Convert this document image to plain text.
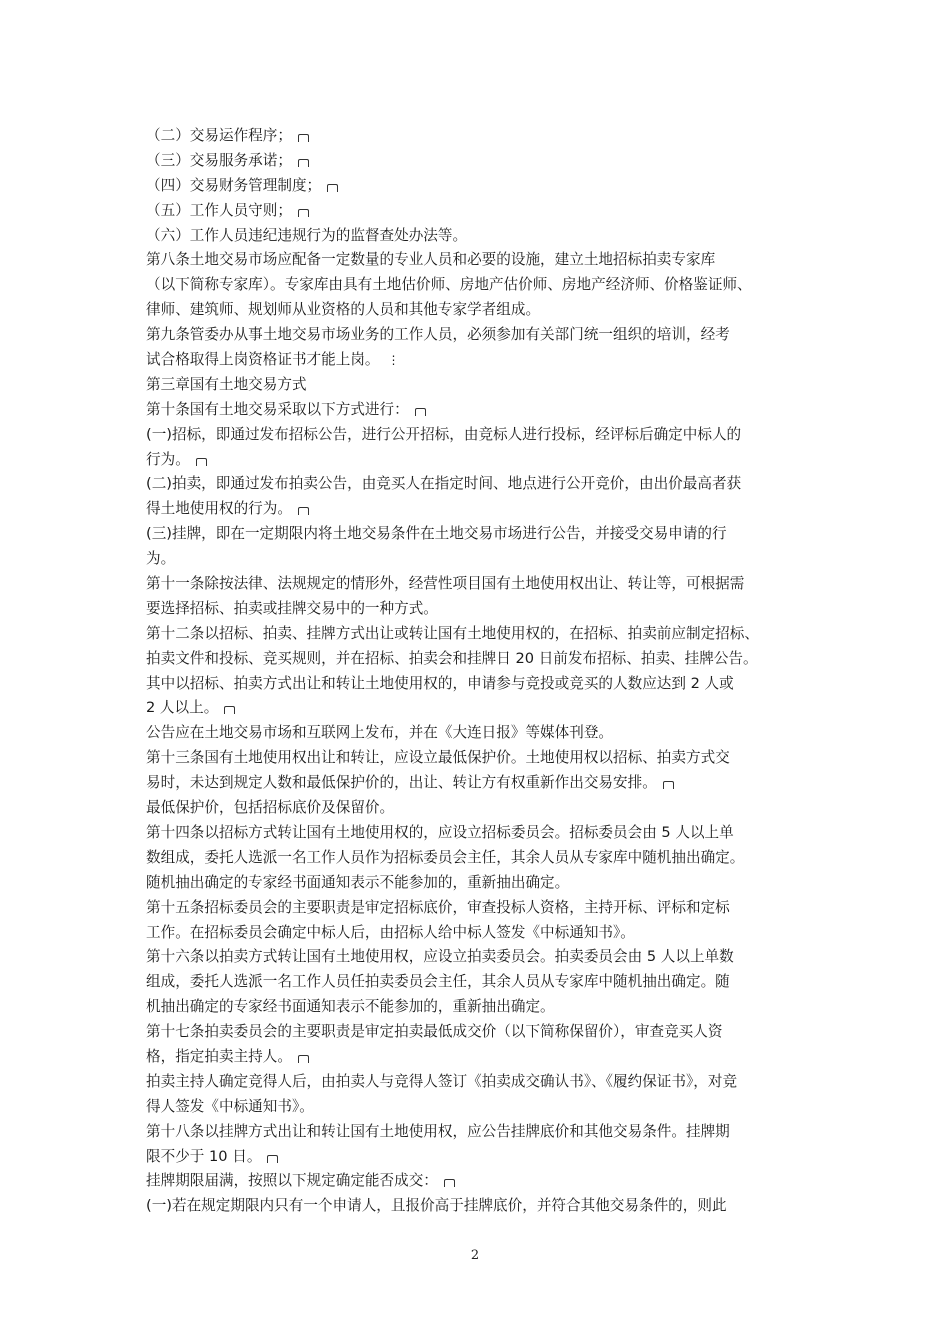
（二）交易运作程序；
（三）交易服务承诺；
（四）交易财务管理制度；
（五）工作人员守则；
（六）工作人员违纪违规行为的监督查处办法等。
第八条土地交易市场应配备一定数量的专业人员和必要的设施，建立土地招标拍卖专家库
（以下简称专家库）。专家库由具有土地估价师、房地产估价师、房地产经济师、价格鉴证师、
律师、建筑师、规划师从业资格的人员和其他专家学者组成。
第九条管委办从事土地交易市场业务的工作人员，必须参加有关部门统一组织的培训，经考
试合格取得上岗资格证书才能上岗。 ⋮
第三章国有土地交易方式
第十条国有土地交易采取以下方式进行：
(一)招标，即通过发布招标公告，进行公开招标，由竞标人进行投标，经评标后确定中标人的
行为。
(二)拍卖，即通过发布拍卖公告，由竞买人在指定时间、地点进行公开竞价，由出价最高者获
得土地使用权的行为。
(三)挂牌，即在一定期限内将土地交易条件在土地交易市场进行公告，并接受交易申请的行
为。
第十一条除按法律、法规规定的情形外，经营性项目国有土地使用权出让、转让等，可根据需
要选择招标、拍卖或挂牌交易中的一种方式。
第十二条以招标、拍卖、挂牌方式出让或转让国有土地使用权的，在招标、拍卖前应制定招标、
拍卖文件和投标、竞买规则，并在招标、拍卖会和挂牌日 20 日前发布招标、拍卖、挂牌公告。
其中以招标、拍卖方式出让和转让土地使用权的，申请参与竞投或竞买的人数应达到 2 人或
2 人以上。
公告应在土地交易市场和互联网上发布，并在《大连日报》等媒体刊登。
第十三条国有土地使用权出让和转让，应设立最低保护价。土地使用权以招标、拍卖方式交
易时，未达到规定人数和最低保护价的，出让、转让方有权重新作出交易安排。
最低保护价，包括招标底价及保留价。
第十四条以招标方式转让国有土地使用权的，应设立招标委员会。招标委员会由 5 人以上单
数组成，委托人选派一名工作人员作为招标委员会主任，其余人员从专家库中随机抽出确定。
随机抽出确定的专家经书面通知表示不能参加的，重新抽出确定。
第十五条招标委员会的主要职责是审定招标底价，审查投标人资格，主持开标、评标和定标
工作。在招标委员会确定中标人后，由招标人给中标人签发《中标通知书》。
第十六条以拍卖方式转让国有土地使用权，应设立拍卖委员会。拍卖委员会由 5 人以上单数
组成，委托人选派一名工作人员任拍卖委员会主任，其余人员从专家库中随机抽出确定。随
机抽出确定的专家经书面通知表示不能参加的，重新抽出确定。
第十七条拍卖委员会的主要职责是审定拍卖最低成交价（以下简称保留价），审查竞买人资
格，指定拍卖主持人。
拍卖主持人确定竞得人后，由拍卖人与竞得人签订《拍卖成交确认书》、《履约保证书》，对竞
得人签发《中标通知书》。
第十八条以挂牌方式出让和转让国有土地使用权，应公告挂牌底价和其他交易条件。挂牌期
限不少于 10 日。
挂牌期限届满，按照以下规定确定能否成交：
(一)若在规定期限内只有一个申请人，且报价高于挂牌底价，并符合其他交易条件的，则此
2
